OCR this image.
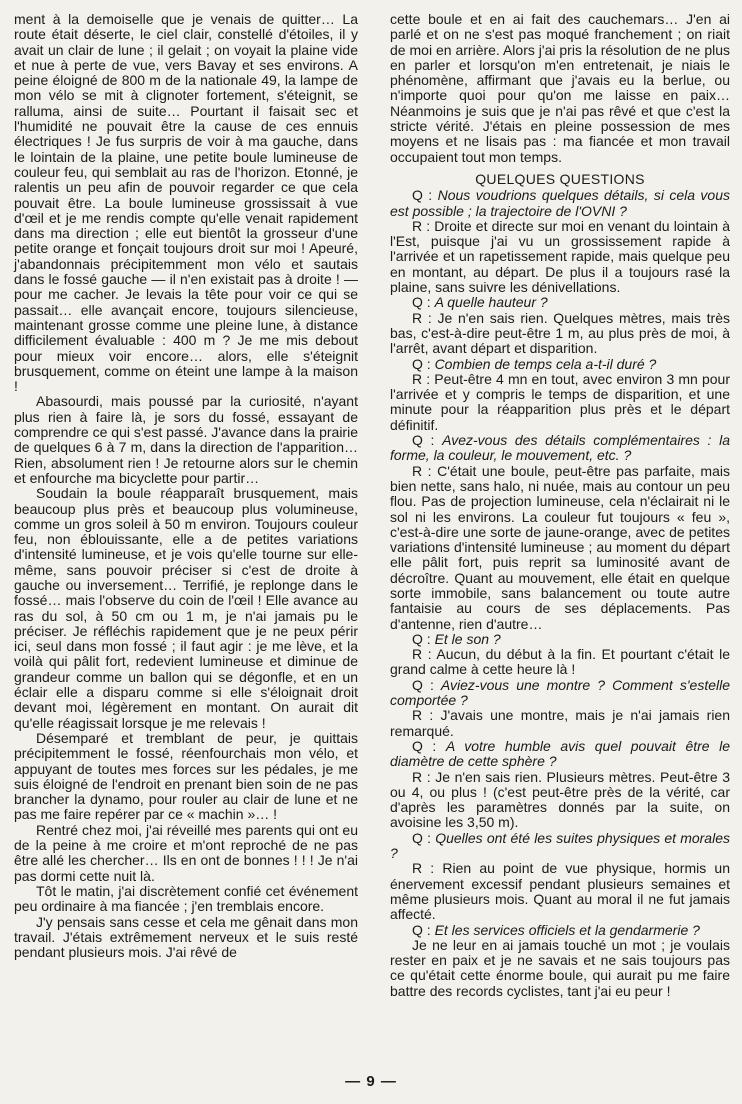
ment à la demoiselle que je venais de quitter… La route était déserte, le ciel clair, constellé d'étoiles, il y avait un clair de lune ; il gelait ; on voyait la plaine vide et nue à perte de vue, vers Bavay et ses environs. A peine éloigné de 800 m de la nationale 49, la lampe de mon vélo se mit à clignoter fortement, s'éteignit, se ralluma, ainsi de suite… Pourtant il faisait sec et l'humidité ne pouvait être la cause de ces ennuis électriques ! Je fus surpris de voir à ma gauche, dans le lointain de la plaine, une petite boule lumineuse de couleur feu, qui semblait au ras de l'horizon. Etonné, je ralentis un peu afin de pouvoir regarder ce que cela pouvait être. La boule lumineuse grossissait à vue d'œil et je me rendis compte qu'elle venait rapidement dans ma direction ; elle eut bientôt la grosseur d'une petite orange et fonçait toujours droit sur moi ! Apeuré, j'abandonnais précipitemment mon vélo et sautais dans le fossé gauche — il n'en existait pas à droite ! — pour me cacher. Je levais la tête pour voir ce qui se passait… elle avançait encore, toujours silencieuse, maintenant grosse comme une pleine lune, à distance difficilement évaluable : 400 m ? Je me mis debout pour mieux voir encore… alors, elle s'éteignit brusquement, comme on éteint une lampe à la maison !

Abasourdi, mais poussé par la curiosité, n'ayant plus rien à faire là, je sors du fossé, essayant de comprendre ce qui s'est passé. J'avance dans la prairie de quelques 6 à 7 m, dans la direction de l'apparition… Rien, absolument rien ! Je retourne alors sur le chemin et enfourche ma bicyclette pour partir…

Soudain la boule réapparaît brusquement, mais beaucoup plus près et beaucoup plus volumineuse, comme un gros soleil à 50 m environ. Toujours couleur feu, non éblouissante, elle a de petites variations d'intensité lumineuse, et je vois qu'elle tourne sur elle-même, sans pouvoir préciser si c'est de droite à gauche ou inversement… Terrifié, je replonge dans le fossé… mais l'observe du coin de l'œil ! Elle avance au ras du sol, à 50 cm ou 1 m, je n'ai jamais pu le préciser. Je réfléchis rapidement que je ne peux périr ici, seul dans mon fossé ; il faut agir : je me lève, et la voilà qui pâlit fort, redevient lumineuse et diminue de grandeur comme un ballon qui se dégonfle, et en un éclair elle a disparu comme si elle s'éloignait droit devant moi, légèrement en montant. On aurait dit qu'elle réagissait lorsque je me relevais !

Désemparé et tremblant de peur, je quittais précipitemment le fossé, réenfourchais mon vélo, et appuyant de toutes mes forces sur les pédales, je me suis éloigné de l'endroit en prenant bien soin de ne pas brancher la dynamo, pour rouler au clair de lune et ne pas me faire repérer par ce « machin »… !

Rentré chez moi, j'ai réveillé mes parents qui ont eu de la peine à me croire et m'ont reproché de ne pas être allé les chercher… Ils en ont de bonnes ! ! ! Je n'ai pas dormi cette nuit là.

Tôt le matin, j'ai discrètement confié cet événement peu ordinaire à ma fiancée ; j'en tremblais encore.

J'y pensais sans cesse et cela me gênait dans mon travail. J'étais extrêmement nerveux et le suis resté pendant plusieurs mois. J'ai rêvé de

cette boule et en ai fait des cauchemars… J'en ai parlé et on ne s'est pas moqué franchement ; on riait de moi en arrière. Alors j'ai pris la résolution de ne plus en parler et lorsqu'on m'en entretenait, je niais le phénomène, affirmant que j'avais eu la berlue, ou n'importe quoi pour qu'on me laisse en paix… Néanmoins je suis que je n'ai pas rêvé et que c'est la stricte vérité. J'étais en pleine possession de mes moyens et ne lisais pas : ma fiancée et mon travail occupaient tout mon temps.

QUELQUES QUESTIONS

Q : Nous voudrions quelques détails, si cela vous est possible ; la trajectoire de l'OVNI ?

R : Droite et directe sur moi en venant du lointain à l'Est, puisque j'ai vu un grossissement rapide à l'arrivée et un rapetissement rapide, mais quelque peu en montant, au départ. De plus il a toujours rasé la plaine, sans suivre les dénivellations.

Q : A quelle hauteur ?

R : Je n'en sais rien. Quelques mètres, mais très bas, c'est-à-dire peut-être 1 m, au plus près de moi, à l'arrêt, avant départ et disparition.

Q : Combien de temps cela a-t-il duré ?

R : Peut-être 4 mn en tout, avec environ 3 mn pour l'arrivée et y compris le temps de disparition, et une minute pour la réapparition plus près et le départ définitif.

Q : Avez-vous des détails complémentaires : la forme, la couleur, le mouvement, etc. ?

R : C'était une boule, peut-être pas parfaite, mais bien nette, sans halo, ni nuée, mais au contour un peu flou. Pas de projection lumineuse, cela n'éclairait ni le sol ni les environs. La couleur fut toujours « feu », c'est-à-dire une sorte de jaune-orange, avec de petites variations d'intensité lumineuse ; au moment du départ elle pâlit fort, puis reprit sa luminosité avant de décroître. Quant au mouvement, elle était en quelque sorte immobile, sans balancement ou toute autre fantaisie au cours de ses déplacements. Pas d'antenne, rien d'autre…

Q : Et le son ?

R : Aucun, du début à la fin. Et pourtant c'était le grand calme à cette heure là !

Q : Aviez-vous une montre ? Comment s'estelle comportée ?

R : J'avais une montre, mais je n'ai jamais rien remarqué.

Q : A votre humble avis quel pouvait être le diamètre de cette sphère ?

R : Je n'en sais rien. Plusieurs mètres. Peut-être 3 ou 4, ou plus ! (c'est peut-être près de la vérité, car d'après les paramètres donnés par la suite, on avoisine les 3,50 m).

Q : Quelles ont été les suites physiques et morales ?

R : Rien au point de vue physique, hormis un énervement excessif pendant plusieurs semaines et même plusieurs mois. Quant au moral il ne fut jamais affecté.

Q : Et les services officiels et la gendarmerie ?

Je ne leur en ai jamais touché un mot ; je voulais rester en paix et je ne savais et ne sais toujours pas ce qu'était cette énorme boule, qui aurait pu me faire battre des records cyclistes, tant j'ai eu peur !

— 9 —
